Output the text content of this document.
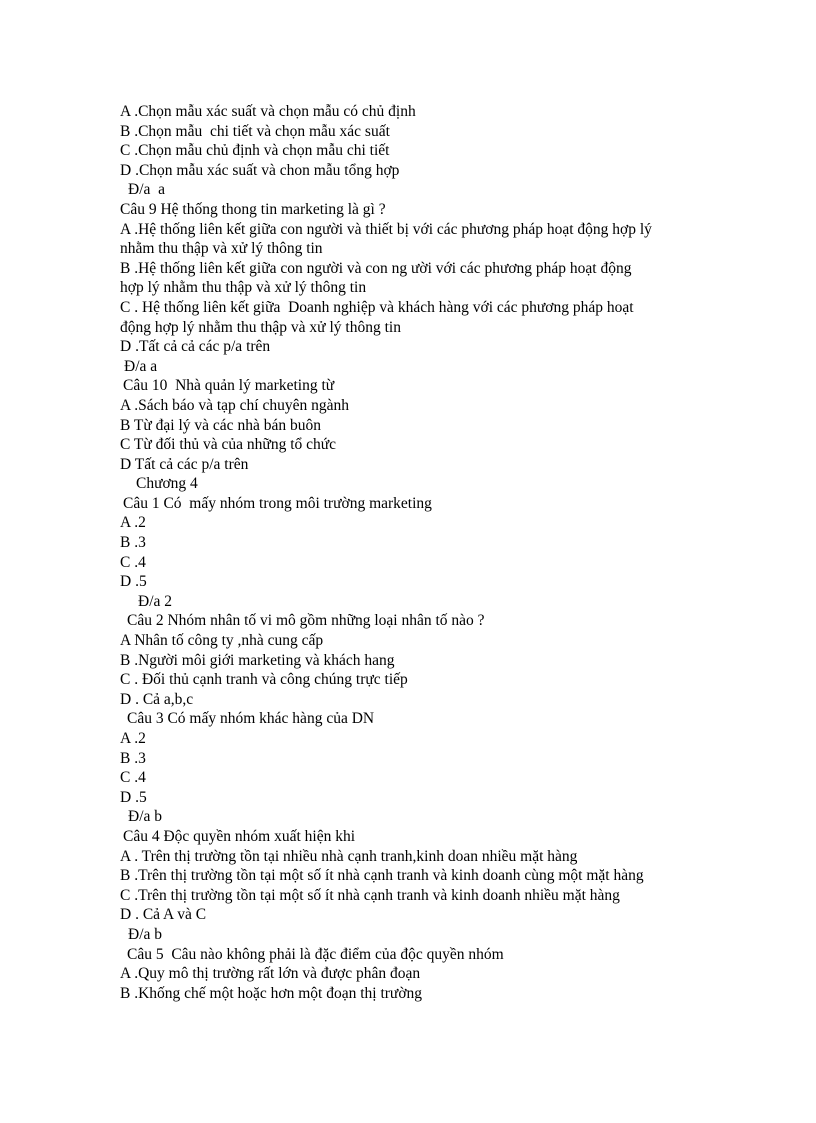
A .Chọn mẫu xác suất và chọn mẫu có chủ định
B .Chọn mẫu  chi tiết và chọn mẫu xác suất
C .Chọn mẫu chủ định và chọn mẫu chi tiết
D .Chọn mẫu xác suất và chon mẫu tổng hợp
Đ/a  a
Câu 9 Hệ thống thong tin marketing là gì ?
A .Hệ thống liên kết giữa con người và thiết bị với các phương pháp hoạt động hợp lý
nhằm thu thập và xử lý thông tin
B .Hệ thống liên kết giữa con người và con ng ười với các phương pháp hoạt động
hợp lý nhằm thu thập và xử lý thông tin
C . Hệ thống liên kết giữa  Doanh nghiệp và khách hàng với các phương pháp hoạt
động hợp lý nhằm thu thập và xử lý thông tin
D .Tất cả cả các p/a trên
Đ/a a
Câu 10  Nhà quản lý marketing từ
A .Sách báo và tạp chí chuyên ngành
B Từ đại lý và các nhà bán buôn
C Từ đối thủ và của những tổ chức
D Tất cả các p/a trên
Chương 4
Câu 1 Có  mấy nhóm trong môi trường marketing
A .2
B .3
C .4
D .5
Đ/a 2
Câu 2 Nhóm nhân tố vi mô gồm những loại nhân tố nào ?
A Nhân tố công ty ,nhà cung cấp
B .Người môi giới marketing và khách hang
C . Đối thủ cạnh tranh và công chúng trực tiếp
D . Cả a,b,c
Câu 3 Có mấy nhóm khác hàng của DN
A .2
B .3
C .4
D .5
Đ/a b
Câu 4 Độc quyền nhóm xuất hiện khi
A . Trên thị trường tồn tại nhiều nhà cạnh tranh,kinh doan nhiều mặt hàng
B .Trên thị trường tồn tại một số ít nhà cạnh tranh và kinh doanh cùng một mặt hàng
C .Trên thị trường tồn tại một số ít nhà cạnh tranh và kinh doanh nhiều mặt hàng
D . Cả A và C
Đ/a b
Câu 5  Câu nào không phải là đặc điểm của độc quyền nhóm
A .Quy mô thị trường rất lớn và được phân đoạn
B .Khống chế một hoặc hơn một đoạn thị trường
